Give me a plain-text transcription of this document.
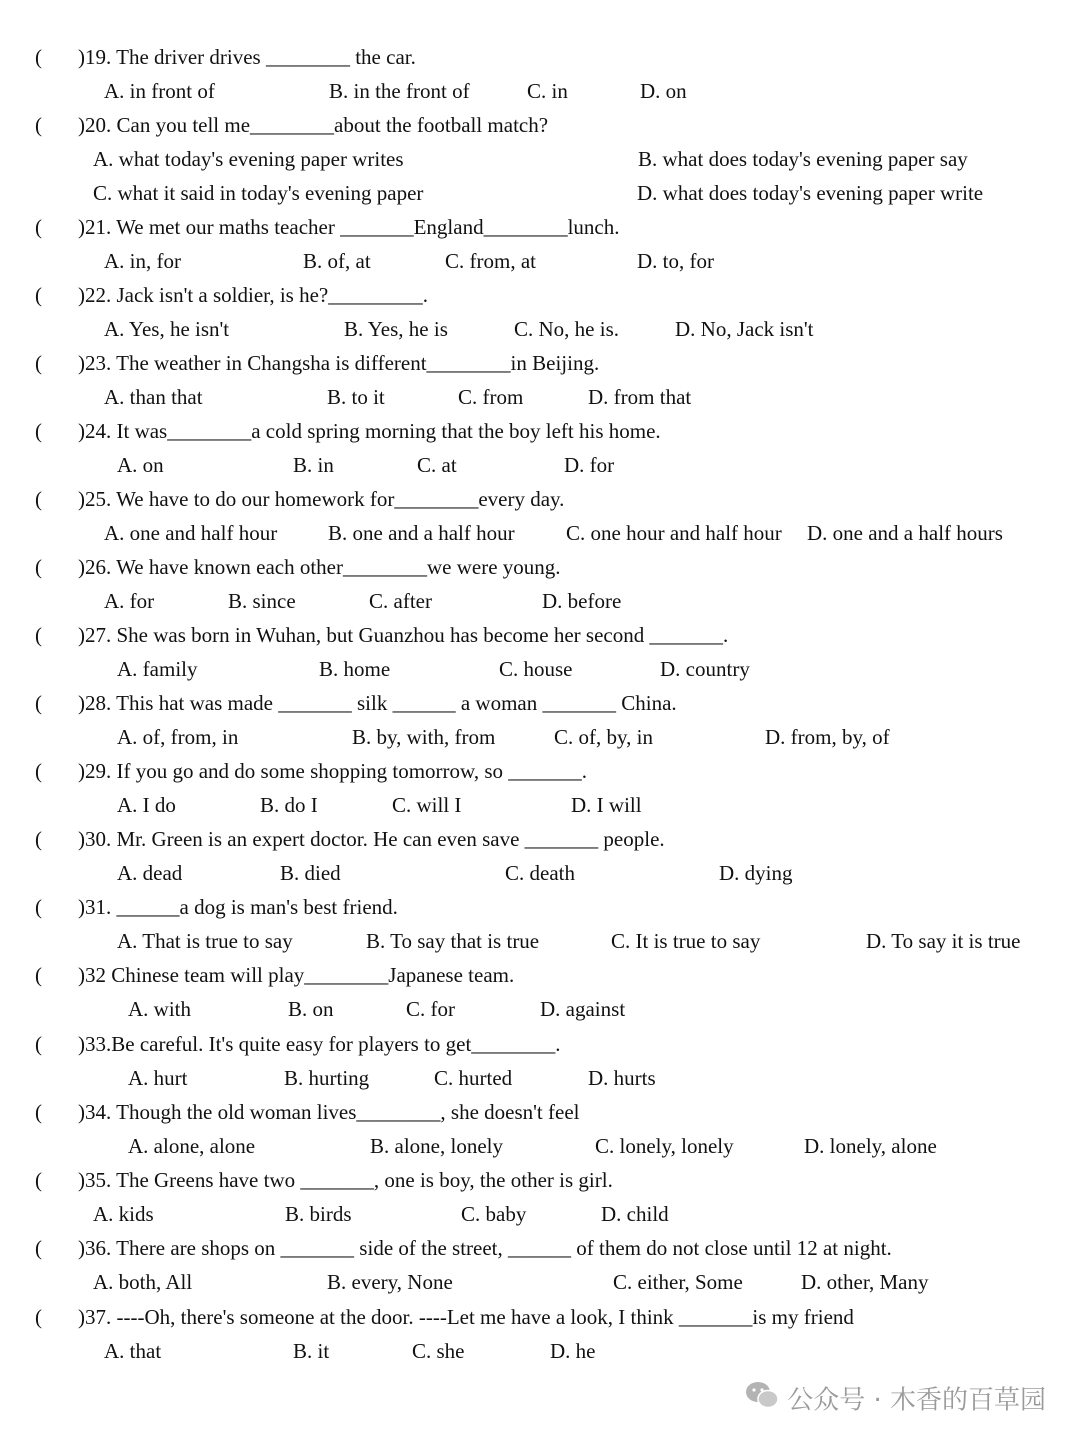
( )19. The driver drives ________ the car.
A. in front of	B. in the front of	C. in	D. on
( )20. Can you tell me________about the football match?
A. what today's evening paper writes	B. what does today's evening paper say
C. what it said in today's evening paper	D. what does today's evening paper write
( )21. We met our maths teacher _______England________lunch.
A. in, for	B. of, at	C. from, at	D. to, for
( )22. Jack isn't a soldier, is he?_________.
A. Yes, he isn't	B. Yes, he is	C. No, he is.	D. No, Jack isn't
( )23. The weather in Changsha is different________in Beijing.
A. than that	B. to it	C. from	D. from that
( )24. It was________a cold spring morning that the boy left his home.
A. on	B. in	C. at	D. for
( )25. We have to do our homework for________every day.
A. one and half hour B. one and a half hour C. one hour and half hour D. one and a half hours
( )26. We have known each other________we were young.
A. for	B. since	C. after	D. before
( )27. She was born in Wuhan, but Guanzhou has become her second _______.
A. family	B. home	C. house	D. country
( )28. This hat was made _______ silk ______ a woman _______ China.
A. of, from, in	B. by, with, from	C. of, by, in	D. from, by, of
( )29. If you go and do some shopping tomorrow, so _______.
A. I do	B. do I	C. will I	D. I will
( )30. Mr. Green is an expert doctor. He can even save _______ people.
A. dead	B. died	C. death	D. dying
( )31. ______a dog is man's best friend.
A. That is true to say	B. To say that is true	C. It is true to say	D. To say it is true
( )32 Chinese team will play________Japanese team.
A. with	B. on	C. for	D. against
( )33.Be careful. It's quite easy for players to get________.
A. hurt	B. hurting	C. hurted	D. hurts
( )34. Though the old woman lives________, she doesn't feel
A. alone, alone	B. alone, lonely	C. lonely, lonely	D. lonely, alone
( )35. The Greens have two _______, one is boy, the other is girl.
A. kids	B. birds	C. baby	D. child
( )36. There are shops on _______ side of the street, ______ of them do not close until 12 at night.
A. both, All	B. every, None	C. either, Some	D. other, Many
( )37. ----Oh, there's someone at the door. ----Let me have a look, I think _______is my friend
A. that	B. it	C. she	D. he
公众号 · 木香的百草园
